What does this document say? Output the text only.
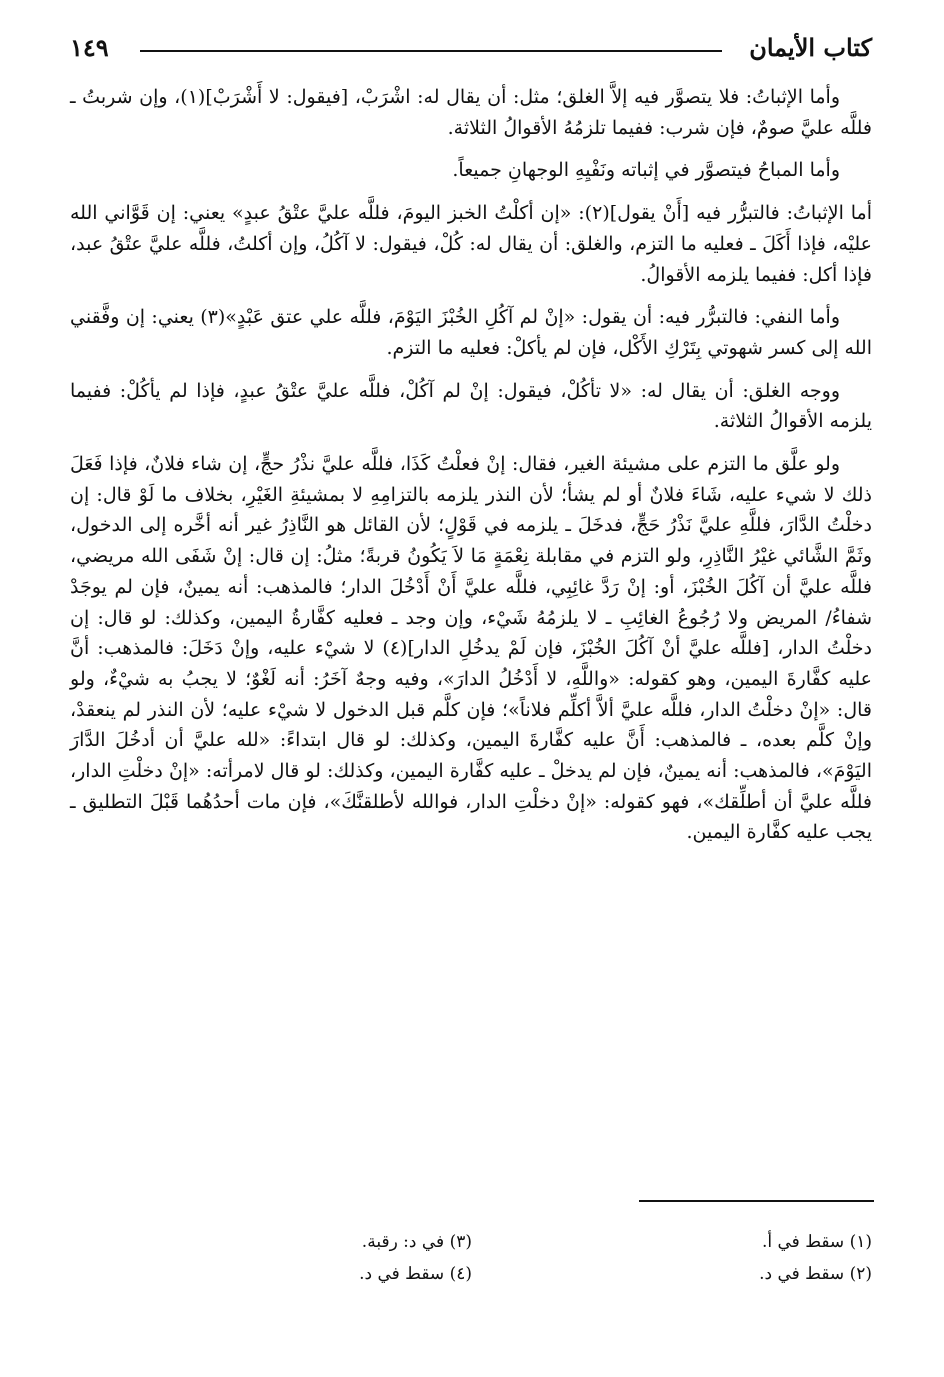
كتاب الأيمان
١٤٩

وأما الإثباتُ: فلا يتصوَّر فيه إلاَّ الغلق؛ مثل: أن يقال له: اشْرَبْ، [فيقول: لا أَشْرَبْ](١)، وإن شربتُ ـ فللَّه عليَّ صومٌ، فإن شرب: ففيما تلزمُهُ الأقوالُ الثلاثة.

وأما المباحُ فيتصوَّر في إثباته ونَفْيِهِ الوجهانِ جميعاً.

أما الإثباتُ: فالتبرُّر فيه [أَنْ يقول](٢): «إن أكلْتُ الخبز اليومَ، فللَّه عليَّ عتْقُ عبدٍ» يعني: إن قَوَّاني الله عليْه، فإذا أَكَلَ ـ فعليه ما التزم، والغلق: أن يقال له: كُلْ، فيقول: لا آكُلُ، وإن أكلتُ، فللَّه عليَّ عتْقُ عبد، فإذا أكل: ففيما يلزمه الأقوالُ.

وأما النفي: فالتبرُّر فيه: أن يقول: «إنْ لم آكُلِ الخُبْزَ اليَوْمَ، فللَّه علي عتق عَبْدٍ»(٣) يعني: إن وفَّقني الله إلى كسر شهوتي بِتَرْكِ الأَكْل، فإن لم يأكلْ: فعليه ما التزم.

ووجه الغلق: أن يقال له: «لا تأكُلْ، فيقول: إنْ لم آكُلْ، فللَّه عليَّ عتْقُ عبدٍ، فإذا لم يأكُلْ: ففيما يلزمه الأقوالُ الثلاثة.

ولو علَّق ما التزم على مشيئة الغير، فقال: إنْ فعلْتُ كَذَا، فللَّه عليَّ نذْرُ حجٍّ، إن شاء فلانٌ، فإذا فَعَلَ ذلك لا شيء عليه، شَاءَ فلانٌ أو لم يشأ؛ لأن النذر يلزمه بالتزامِهِ لا بمشيئةِ الغَيْرِ، بخلاف ما لَوْ قال: إن دخلْتُ الدَّارَ، فللَّهِ عليَّ نَذْرُ حَجٍّ، فدخَلَ ـ يلزمه في قَوْلٍ؛ لأن القائل هو النَّاذِرُ غير أنه أخَّره إلى الدخول، وثَمَّ الشَّائي غيْرُ النَّاذِرِ، ولو التزم في مقابلة نِعْمَةٍ مَا لاَ يَكُونُ قربةً؛ مثلُ: إن قال: إنْ شَفَى الله مريضي، فللَّه عليَّ أن آكُلَ الخُبْزَ، أو: إنْ رَدَّ غائِبِي، فللَّه عليَّ أَنْ أَدْخُلَ الدار؛ فالمذهب: أنه يمينٌ، فإن لم يوجَدْ شفاءُ/ المريض ولا رُجُوعُ الغائِبِ ـ لا يلزمُهُ شَيْء، وإن وجد ـ فعليه كفَّارةُ اليمين، وكذلك: لو قال: إن دخلْتُ الدار، [فللَّه عليَّ أنْ آكُلَ الخُبْزَ، فإن لَمْ يدخُلِ الدار](٤) لا شيْء عليه، وإنْ دَخَلَ: فالمذهب: أنَّ عليه كفَّارةَ اليمين، وهو كقوله: «واللَّهِ، لا أَدْخُلُ الدارَ»، وفيه وجهٌ آخَرُ: أنه لَغْوٌ؛ لا يجبُ به شيْءٌ، ولو قال: «إنْ دخلْتُ الدار، فللَّه عليَّ ألاَّ أكلِّم فلاناً»؛ فإن كلَّم قبل الدخول لا شيْء عليه؛ لأن النذر لم ينعقدْ، وإنْ كلَّم بعده، ـ فالمذهب: أَنَّ عليه كفَّارةَ اليمين، وكذلك: لو قال ابتداءً: «لله عليَّ أن أدخُلَ الدَّارَ اليَوْمَ»، فالمذهب: أنه يمينٌ، فإن لم يدخلْ ـ عليه كفَّارة اليمين، وكذلك: لو قال لامرأته: «إنْ دخلْتِ الدار، فللَّه عليَّ أن أطلِّقك»، فهو كقوله: «إنْ دخلْتِ الدار، فوالله لأطلقنَّكَ»، فإن مات أحدُهُما قَبْلَ التطليق ـ يجب عليه كفَّارة اليمين.

(١) سقط في أ.
(٢) سقط في د.
(٣) في د: رقبة.
(٤) سقط في د.
